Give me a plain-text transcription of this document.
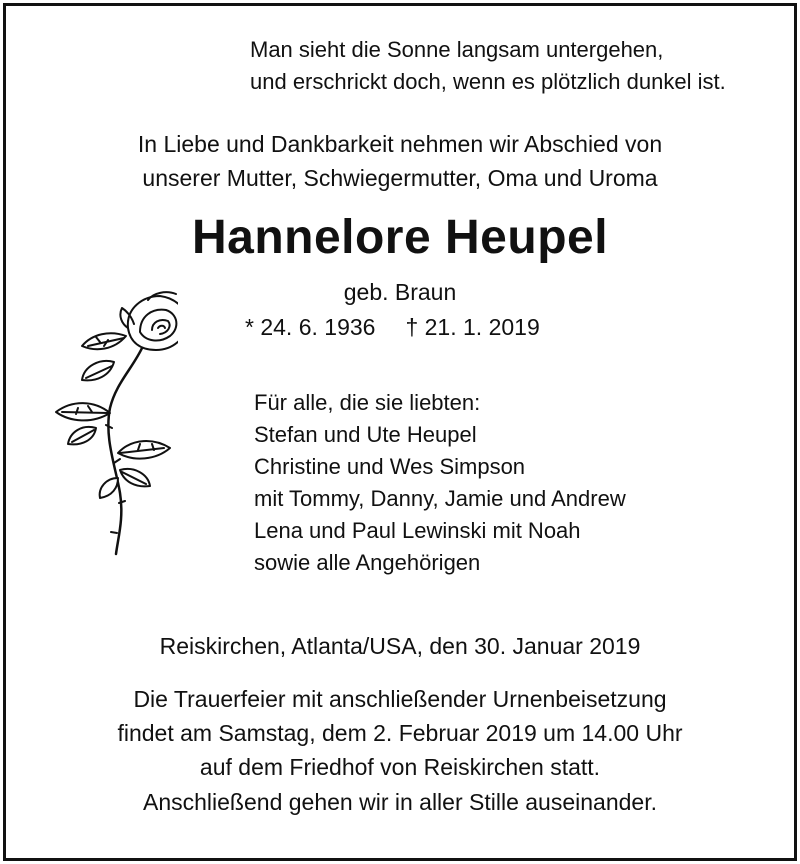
Man sieht die Sonne langsam untergehen,
und erschrickt doch, wenn es plötzlich dunkel ist.
In Liebe und Dankbarkeit nehmen wir Abschied von
unserer Mutter, Schwiegermutter, Oma und Uroma
Hannelore Heupel
geb. Braun
* 24. 6. 1936 † 21. 1. 2019
Für alle, die sie liebten:
Stefan und Ute Heupel
Christine und Wes Simpson
mit Tommy, Danny, Jamie und Andrew
Lena und Paul Lewinski mit Noah
sowie alle Angehörigen
Reiskirchen, Atlanta/USA, den 30. Januar 2019
Die Trauerfeier mit anschließender Urnenbeisetzung
findet am Samstag, dem 2. Februar 2019 um 14.00 Uhr
auf dem Friedhof von Reiskirchen statt.
Anschließend gehen wir in aller Stille auseinander.
